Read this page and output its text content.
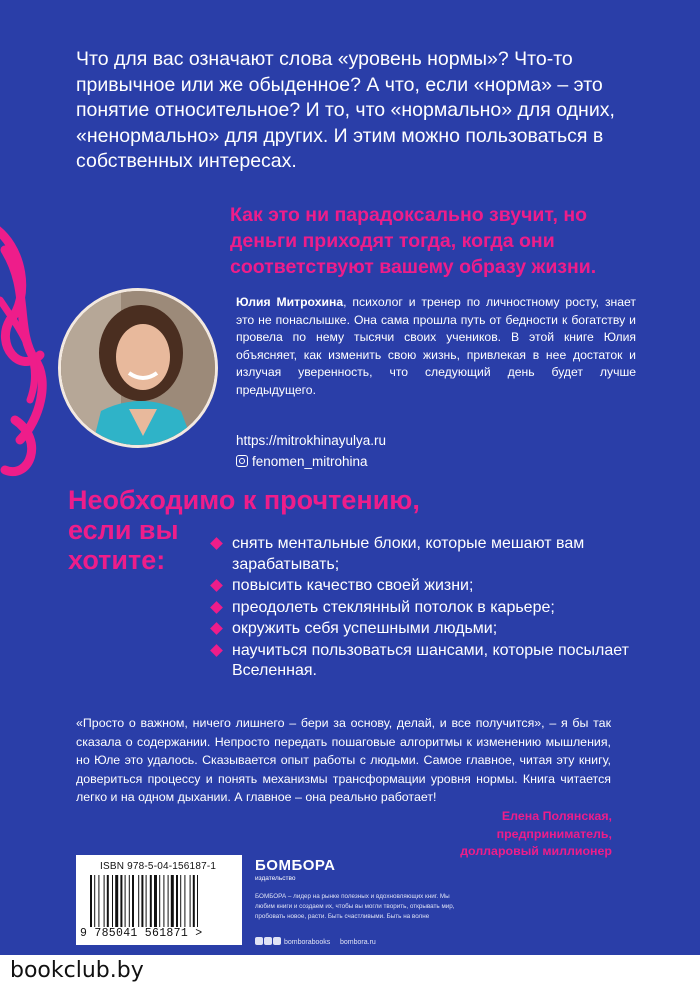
Что для вас означают слова «уровень нормы»? Что-то привычное или же обыденное? А что, если «норма» – это понятие относительное? И то, что «нормально» для одних, «ненормально» для других. И этим можно пользоваться в собственных интересах.
Как это ни парадоксально звучит, но деньги приходят тогда, когда они соответствуют вашему образу жизни.
Юлия Митрохина, психолог и тренер по личностному росту, знает это не понаслышке. Она сама прошла путь от бедности к богатству и провела по нему тысячи своих учеников. В этой книге Юлия объясняет, как изменить свою жизнь, привлекая в нее достаток и излучая уверенность, что следующий день будет лучше предыдущего.
https://mitrokhinayulya.ru
fenomen_mitrohina
Необходимо к прочтению,
если вы
хотите:
снять ментальные блоки, которые мешают вам зарабатывать;
повысить качество своей жизни;
преодолеть стеклянный потолок в карьере;
окружить себя успешными людьми;
научиться пользоваться шансами, которые посылает Вселенная.
«Просто о важном, ничего лишнего – бери за основу, делай, и все получится», – я бы так сказала о содержании. Непросто передать пошаговые алгоритмы к изменению мышления, но Юле это удалось. Сказывается опыт работы с людьми. Самое главное, читая эту книгу, довериться процессу и понять механизмы трансформации уровня нормы. Книга читается легко и на одном дыхании. А главное – она реально работает!
Елена Полянская,
предприниматель,
долларовый миллионер
ISBN 978-5-04-156187-1
9 785041 561871 >
БОМБОРА
издательство
БОМБОРА – лидер на рынке полезных и вдохновляющих книг. Мы любим книги и создаем их, чтобы вы могли творить, открывать мир, пробовать новое, расти. Быть счастливыми. Быть на волне
bomborabooks bombora.ru
bookclub.by
